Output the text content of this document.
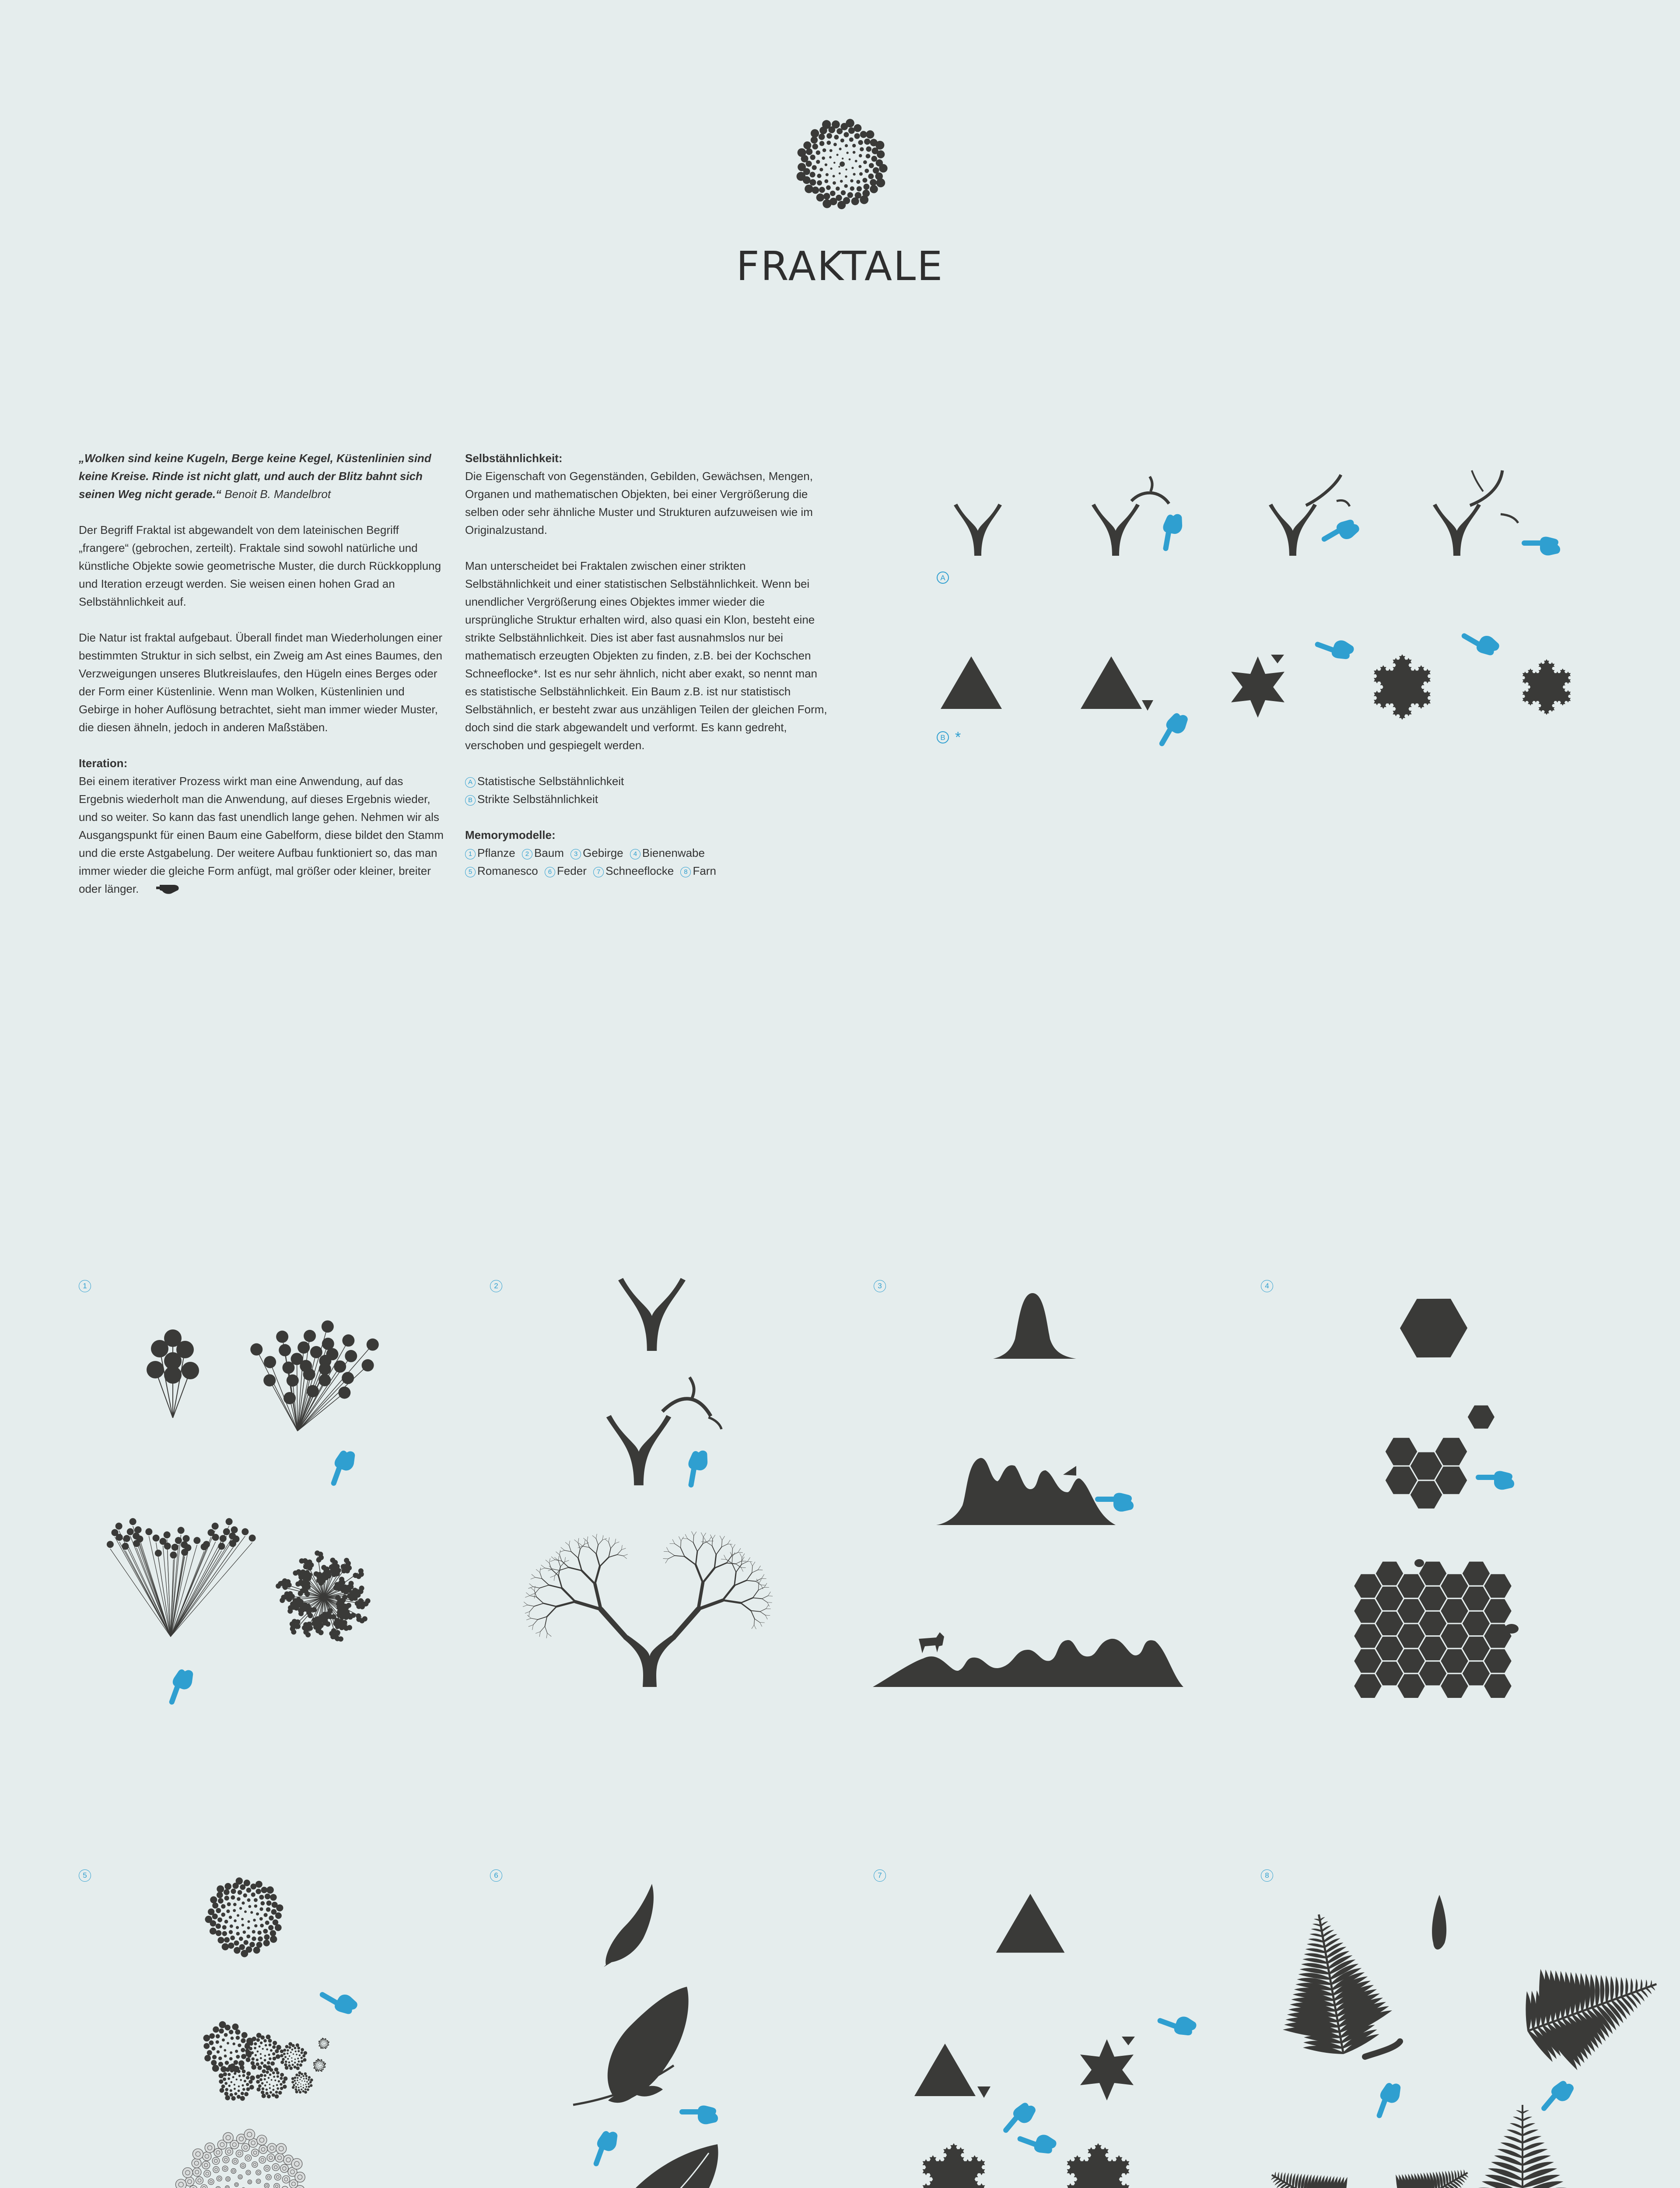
FRAKTALE

„Wolken sind keine Kugeln, Berge keine Kegel, Küstenlinien sind keine Kreise. Rinde ist nicht glatt, und auch der Blitz bahnt sich seinen Weg nicht gerade.“ Benoit B. Mandelbrot

Der Begriff Fraktal ist abgewandelt von dem lateinischen Begriff „frangere“ (gebrochen, zerteilt). Fraktale sind sowohl natürliche und künstliche Objekte sowie geometrische Muster, die durch Rückkopplung und Iteration erzeugt werden. Sie weisen einen hohen Grad an Selbstähnlichkeit auf.

Die Natur ist fraktal aufgebaut. Überall findet man Wiederholungen einer bestimmten Struktur in sich selbst, ein Zweig am Ast eines Baumes, den Verzweigungen unseres Blutkreislaufes, den Hügeln eines Berges oder der Form einer Küstenlinie. Wenn man Wolken, Küstenlinien und Gebirge in hoher Auflösung betrachtet, sieht man immer wieder Muster, die diesen ähneln, jedoch in anderen Maßstäben.

Iteration:
Bei einem iterativer Prozess wirkt man eine Anwendung, auf das Ergebnis wiederholt man die Anwendung, auf dieses Ergebnis wieder, und so weiter. So kann das fast unendlich lange gehen. Nehmen wir als Ausgangspunkt für einen Baum eine Gabelform, diese bildet den Stamm und die erste Astgabelung. Der weitere Aufbau funktioniert so, das man immer wieder die gleiche Form anfügt, mal größer oder kleiner, breiter oder länger.
Selbstähnlichkeit:

Die Eigenschaft von Gegenständen, Gebilden, Gewächsen, Mengen, Organen und mathematischen Objekten, bei einer Vergrößerung die selben oder sehr ähnliche Muster und Strukturen aufzuweisen wie im Originalzustand.

Man unterscheidet bei Fraktalen zwischen einer strikten Selbstähnlichkeit und einer statistischen Selbstähnlichkeit. Wenn bei unendlicher Vergrößerung eines Objektes immer wieder die ursprüngliche Struktur erhalten wird, also quasi ein Klon, besteht eine strikte Selbstähnlichkeit. Dies ist aber fast ausnahmslos nur bei mathematisch erzeugten Objekten zu finden, z.B. bei der Kochschen Schneeflocke*. Ist es nur sehr ähnlich, nicht aber exakt, so nennt man es statistische Selbstähnlichkeit. Ein Baum z.B. ist nur statistisch Selbstähnlich, er besteht zwar aus unzähligen Teilen der gleichen Form, doch sind die stark abgewandelt und verformt. Es kann gedreht, verschoben und gespiegelt werden.

A Statistische Selbstähnlichkeit
B Strikte Selbstähnlichkeit
Memorymodelle:
1 Pflanze 2 Baum 3 Gebirge 4 Bienenwabe
5 Romanesco 6 Feder 7 Schneeflocke 8 Farn
A
B *
1	2	3	4
5	6	7	8
